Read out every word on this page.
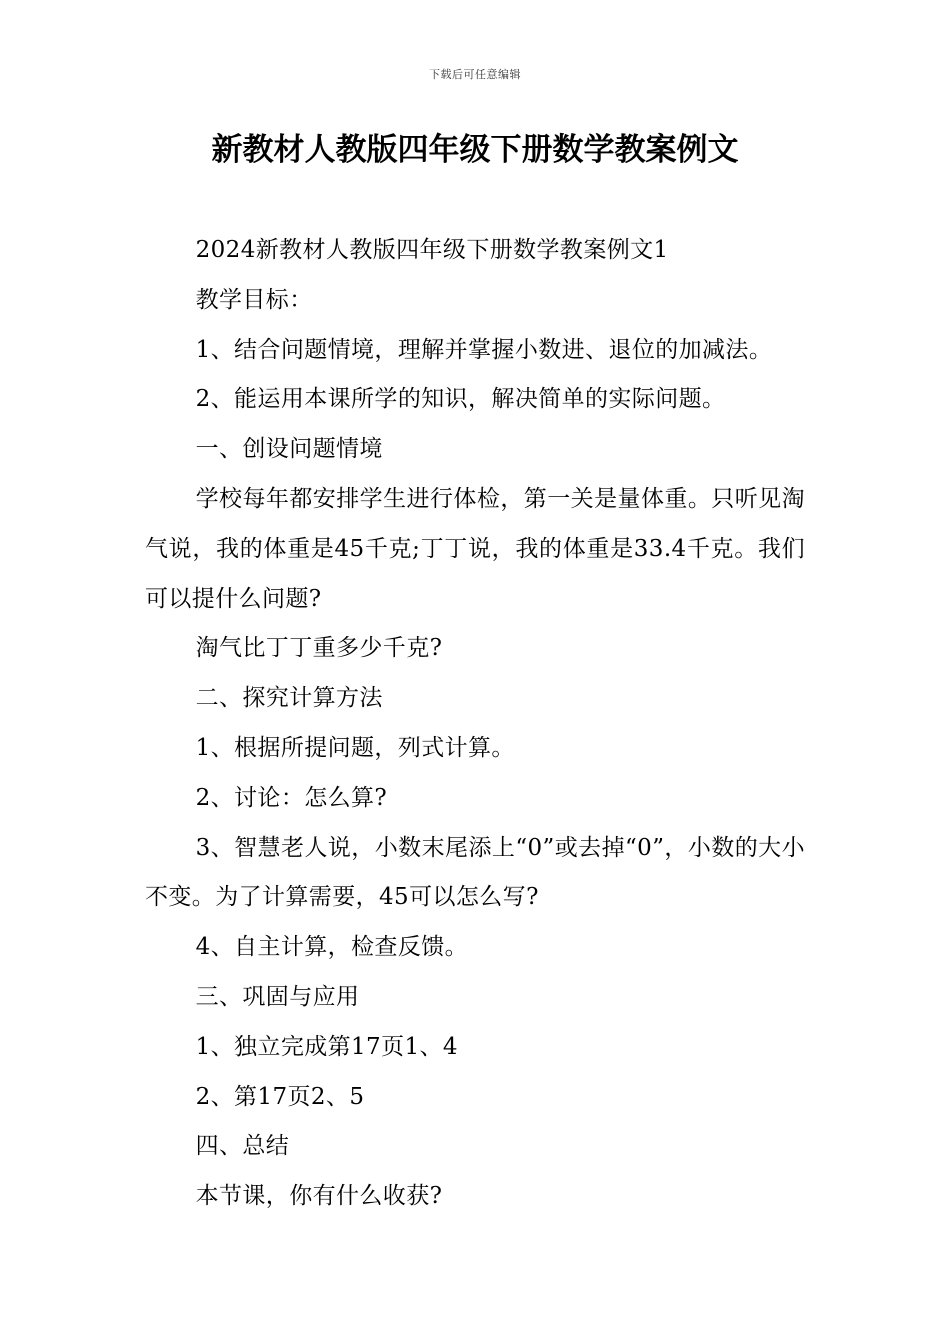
下载后可任意编辑
新教材人教版四年级下册数学教案例文

2024新教材人教版四年级下册数学教案例文1

教学目标：

1、结合问题情境，理解并掌握小数进、退位的加减法。

2、能运用本课所学的知识，解决简单的实际问题。

一、创设问题情境

学校每年都安排学生进行体检，第一关是量体重。只听见淘气说，我的体重是45千克;丁丁说，我的体重是33.4千克。我们可以提什么问题?

淘气比丁丁重多少千克?

二、探究计算方法

1、根据所提问题，列式计算。

2、讨论：怎么算?

3、智慧老人说，小数末尾添上“0”或去掉“0”，小数的大小不变。为了计算需要，45可以怎么写?

4、自主计算，检查反馈。

三、巩固与应用

1、独立完成第17页1、4

2、第17页2、5

四、总结

本节课，你有什么收获?
